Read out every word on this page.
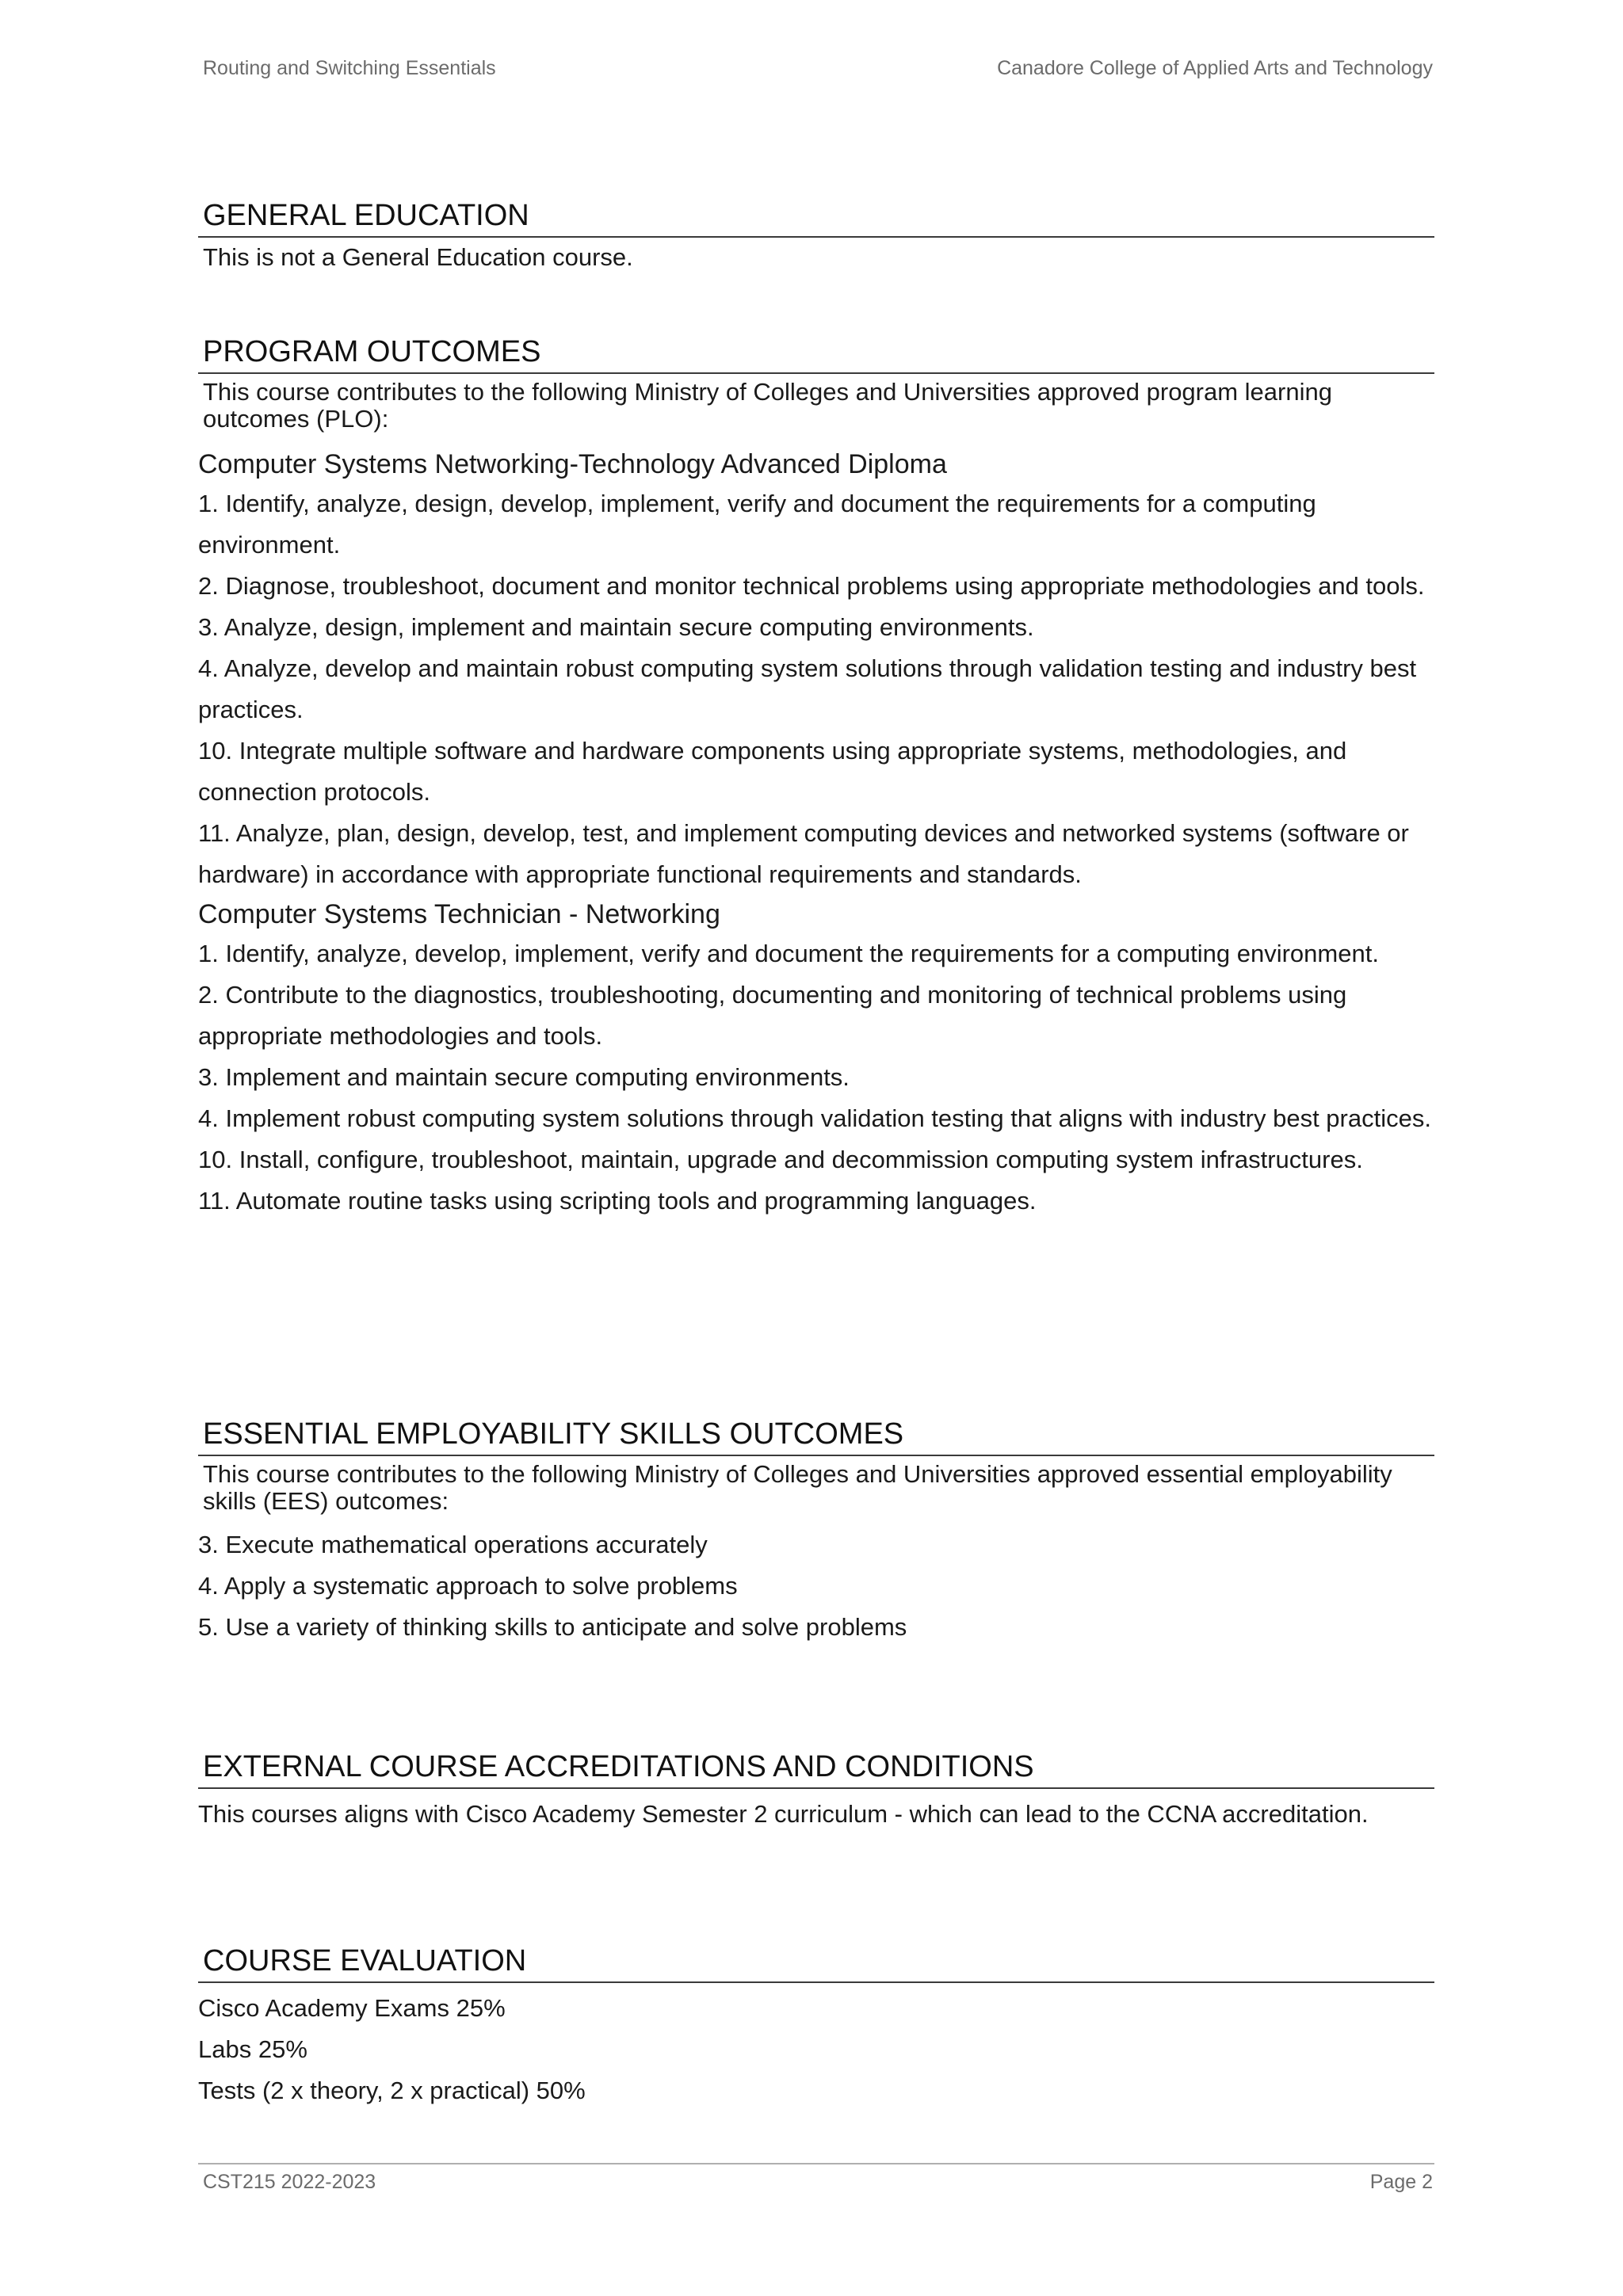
Routing and Switching Essentials	Canadore College of Applied Arts and Technology
GENERAL EDUCATION
This is not a General Education course.
PROGRAM OUTCOMES
This course contributes to the following Ministry of Colleges and Universities approved program learning outcomes (PLO):
Computer Systems Networking-Technology Advanced Diploma
1. Identify, analyze, design, develop, implement, verify and document the requirements for a computing environment.
2. Diagnose, troubleshoot, document and monitor technical problems using appropriate methodologies and tools.
3. Analyze, design, implement and maintain secure computing environments.
4. Analyze, develop and maintain robust computing system solutions through validation testing and industry best practices.
10. Integrate multiple software and hardware components using appropriate systems, methodologies, and connection protocols.
11. Analyze, plan, design, develop, test, and implement computing devices and networked systems (software or hardware) in accordance with appropriate functional requirements and standards.
Computer Systems Technician - Networking
1. Identify, analyze, develop, implement, verify and document the requirements for a computing environment.
2. Contribute to the diagnostics, troubleshooting, documenting and monitoring of technical problems using appropriate methodologies and tools.
3. Implement and maintain secure computing environments.
4. Implement robust computing system solutions through validation testing that aligns with industry best practices.
10. Install, configure, troubleshoot, maintain, upgrade and decommission computing system infrastructures.
11. Automate routine tasks using scripting tools and programming languages.
ESSENTIAL EMPLOYABILITY SKILLS OUTCOMES
This course contributes to the following Ministry of Colleges and Universities approved essential employability skills (EES) outcomes:
3. Execute mathematical operations accurately
4. Apply a systematic approach to solve problems
5. Use a variety of thinking skills to anticipate and solve problems
EXTERNAL COURSE ACCREDITATIONS AND CONDITIONS
This courses aligns with Cisco Academy Semester 2 curriculum - which can lead to the CCNA accreditation.
COURSE EVALUATION
Cisco Academy Exams 25%
Labs 25%
Tests (2 x theory, 2 x practical) 50%
CST215 2022-2023	Page 2
